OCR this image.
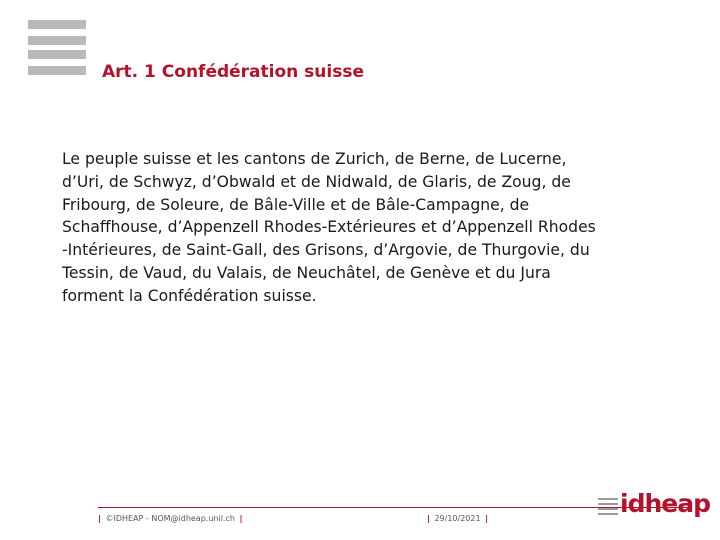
Art. 1 Confédération suisse
Le peuple suisse et les cantons de Zurich, de Berne, de Lucerne,
d’Uri, de Schwyz, d’Obwald et de Nidwald, de Glaris, de Zoug, de
Fribourg, de Soleure, de Bâle-Ville et de Bâle-Campagne, de
Schaffhouse, d’Appenzell Rhodes-Extérieures et d’Appenzell Rhodes
-Intérieures, de Saint-Gall, des Grisons, d’Argovie, de Thurgovie, du
Tessin, de Vaud, du Valais, de Neuchâtel, de Genève et du Jura
forment la Confédération suisse.
| ©IDHEAP - NOM@idheap.unil.ch |	| 29/10/2021 |
idheap
